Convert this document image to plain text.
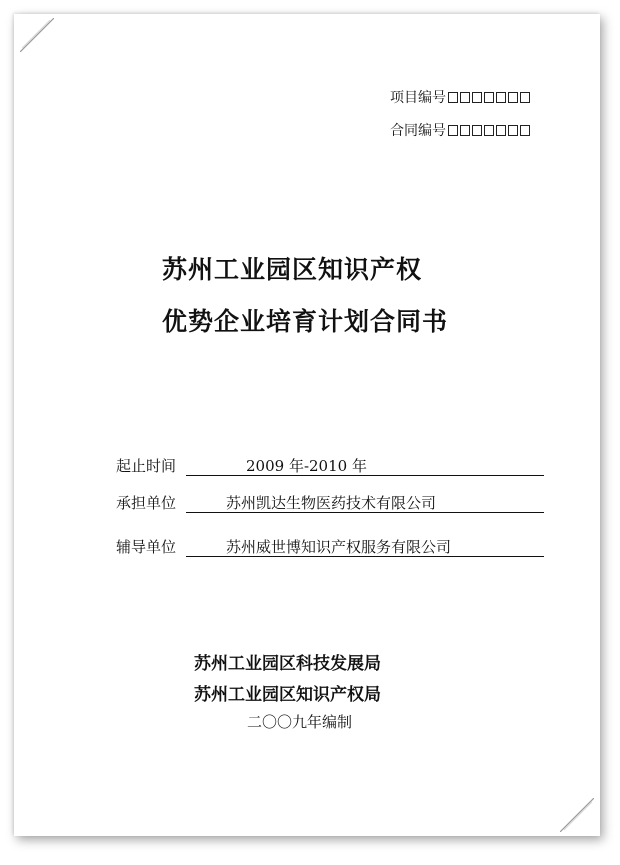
项目编号
合同编号
苏州工业园区知识产权
优势企业培育计划合同书
起止时间	2009 年-2010 年
承担单位	苏州凯达生物医药技术有限公司
辅导单位	苏州威世博知识产权服务有限公司
苏州工业园区科技发展局
苏州工业园区知识产权局
二〇〇九年编制
